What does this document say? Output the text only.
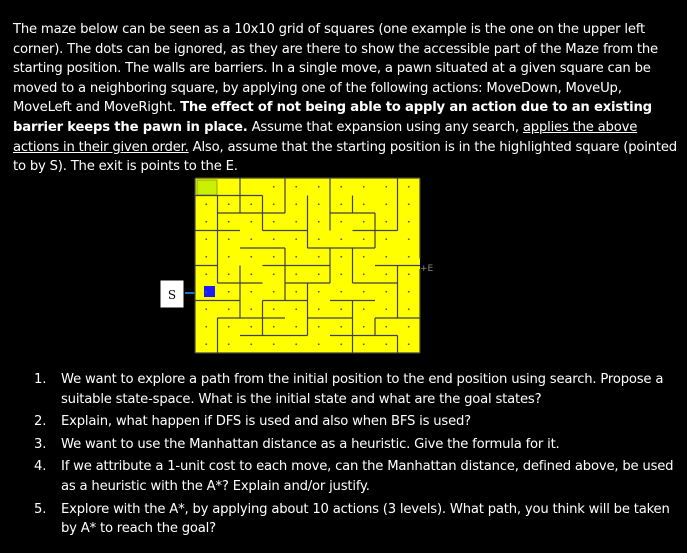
The maze below can be seen as a 10x10 grid of squares (one example is the one on the upper left corner). The dots can be ignored, as they are there to show the accessible part of the Maze from the starting position. The walls are barriers. In a single move, a pawn situated at a given square can be moved to a neighboring square, by applying one of the following actions: MoveDown, MoveUp, MoveLeft and MoveRight. The effect of not being able to apply an action due to an existing barrier keeps the pawn in place. Assume that expansion using any search, applies the above actions in their given order. Also, assume that the starting position is in the highlighted square (pointed to by S). The exit is points to the E.
S
+E
1.	We want to explore a path from the initial position to the end position using search. Propose a suitable state-space. What is the initial state and what are the goal states?
2.	Explain, what happen if DFS is used and also when BFS is used?
3.	We want to use the Manhattan distance as a heuristic. Give the formula for it.
4.	If we attribute a 1-unit cost to each move, can the Manhattan distance, defined above, be used as a heuristic with the A*? Explain and/or justify.
5.	Explore with the A*, by applying about 10 actions (3 levels). What path, you think will be taken by A* to reach the goal?
